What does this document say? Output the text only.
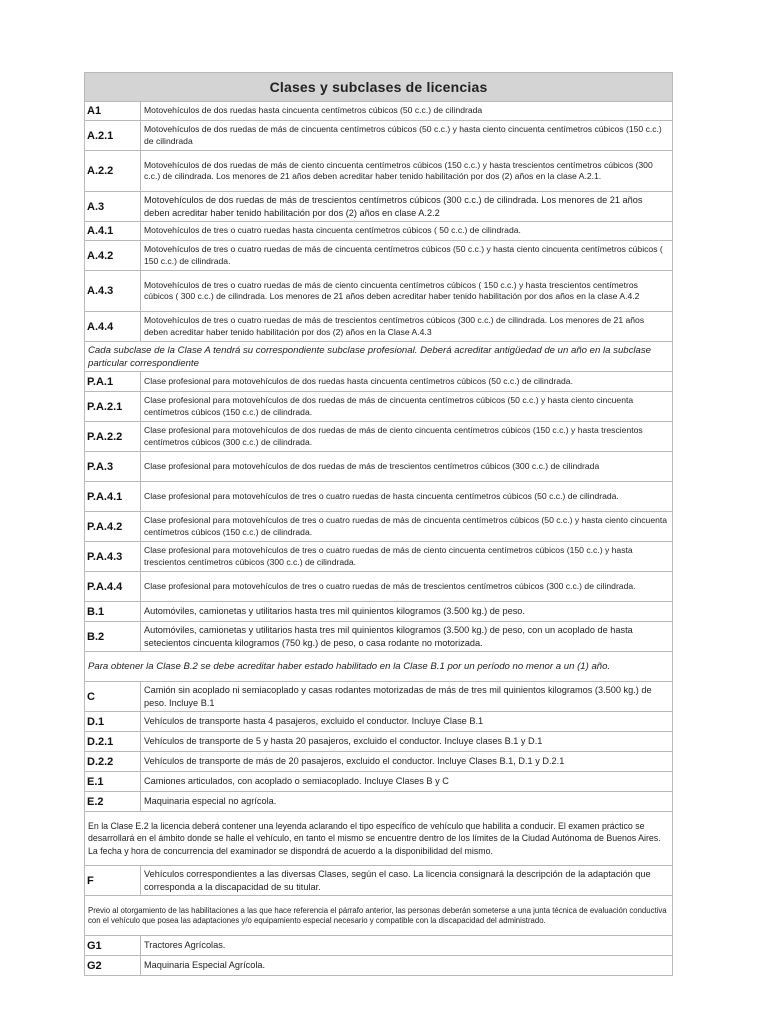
Clases y subclases de licencias	
A1	Motovehículos de dos ruedas hasta cincuenta centímetros cúbicos (50 c.c.) de cilindrada
A.2.1	Motovehículos de dos ruedas de más de cincuenta centímetros cúbicos (50 c.c.) y hasta ciento cincuenta centímetros cúbicos (150 c.c.) de cilindrada
A.2.2	Motovehículos de dos ruedas de más de ciento cincuenta centímetros cúbicos (150 c.c.) y hasta trescientos centímetros cúbicos (300 c.c.) de cilindrada. Los menores de 21 años deben acreditar haber tenido habilitación por dos (2) años en la clase A.2.1.
A.3	Motovehículos de dos ruedas de más de trescientos centímetros cúbicos (300 c.c.) de cilindrada. Los menores de 21 años deben acreditar haber tenido habilitación por dos (2) años en clase A.2.2
A.4.1	Motovehículos de tres o cuatro ruedas hasta cincuenta centímetros cúbicos ( 50 c.c.) de cilindrada.
A.4.2	Motovehículos de tres o cuatro ruedas de más de cincuenta centímetros cúbicos (50 c.c.) y hasta ciento cincuenta centímetros cúbicos ( 150 c.c.) de cilindrada.
A.4.3	Motovehículos de tres o cuatro ruedas de más de ciento cincuenta centímetros cúbicos ( 150 c.c.) y hasta trescientos centímetros cúbicos ( 300 c.c.) de cilindrada. Los menores de 21 años deben acreditar haber tenido habilitación por dos años en la clase A.4.2
A.4.4	Motovehículos de tres o cuatro ruedas de más de trescientos centímetros cúbicos (300 c.c.) de cilindrada. Los menores de 21 años deben acreditar haber tenido habilitación por dos (2) años en la Clase A.4.3
Cada subclase de la Clase A tendrá su correspondiente subclase profesional. Deberá acreditar antigüedad de un año en la subclase particular correspondiente	
P.A.1	Clase profesional para motovehículos de dos ruedas hasta cincuenta centímetros cúbicos (50 c.c.) de cilindrada.
P.A.2.1	Clase profesional para motovehículos de dos ruedas de más de cincuenta centímetros cúbicos (50 c.c.) y hasta ciento cincuenta centímetros cúbicos (150 c.c.) de cilindrada.
P.A.2.2	Clase profesional para motovehículos de dos ruedas de más de ciento cincuenta centímetros cúbicos (150 c.c.) y hasta trescientos centímetros cúbicos (300 c.c.) de cilindrada.
P.A.3	Clase profesional para motovehículos de dos ruedas de más de trescientos centímetros cúbicos (300 c.c.) de cilindrada
P.A.4.1	Clase profesional para motovehículos de tres o cuatro ruedas de hasta cincuenta centímetros cúbicos (50 c.c.) de cilindrada.
P.A.4.2	Clase profesional para motovehículos de tres o cuatro ruedas de más de cincuenta centímetros cúbicos (50 c.c.) y hasta ciento cincuenta centímetros cúbicos (150 c.c.) de cilindrada.
P.A.4.3	Clase profesional para motovehículos de tres o cuatro ruedas de más de ciento cincuenta centímetros cúbicos (150 c.c.) y hasta trescientos centímetros cúbicos (300 c.c.) de cilindrada.
P.A.4.4	Clase profesional para motovehículos de tres o cuatro ruedas de más de trescientos centímetros cúbicos (300 c.c.) de cilindrada.
B.1	Automóviles, camionetas y utilitarios hasta tres mil quinientos kilogramos (3.500 kg.) de peso.
B.2	Automóviles, camionetas y utilitarios hasta tres mil quinientos kilogramos (3.500 kg.) de peso, con un acoplado de hasta setecientos cincuenta kilogramos (750 kg.) de peso, o casa rodante no motorizada.
Para obtener la Clase B.2 se debe acreditar haber estado habilitado en la Clase B.1 por un período no menor a un (1) año.	
C	Camión sin acoplado ni semiacoplado y casas rodantes motorizadas de más de tres mil quinientos kilogramos (3.500 kg.) de peso. Incluye B.1
D.1	Vehículos de transporte hasta 4 pasajeros, excluido el conductor. Incluye Clase B.1
D.2.1	Vehículos de transporte de 5 y hasta 20 pasajeros, excluido el conductor. Incluye clases B.1 y D.1
D.2.2	Vehículos de transporte de más de 20 pasajeros, excluido el conductor. Incluye Clases B.1, D.1 y D.2.1
E.1	Camiones articulados, con acoplado o semiacoplado. Incluye Clases B y C
E.2	Maquinaria especial no agrícola.
En la Clase E.2 la licencia deberá contener una leyenda aclarando el tipo específico de vehículo que habilita a conducir. El examen práctico se desarrollará en el ámbito donde se halle el vehículo, en tanto el mismo se encuentre dentro de los límites de la Ciudad Autónoma de Buenos Aires. La fecha y hora de concurrencia del examinador se dispondrá de acuerdo a la disponibilidad del mismo.	
F	Vehículos correspondientes a las diversas Clases, según el caso. La licencia consignará la descripción de la adaptación que corresponda a la discapacidad de su titular.
Previo al otorgamiento de las habilitaciones a las que hace referencia el párrafo anterior, las personas deberán someterse a una junta técnica de evaluación conductiva con el vehículo que posea las adaptaciones y/o equipamiento especial necesario y compatible con la discapacidad del administrado.	
G1	Tractores Agrícolas.
G2	Maquinaria Especial Agrícola.
